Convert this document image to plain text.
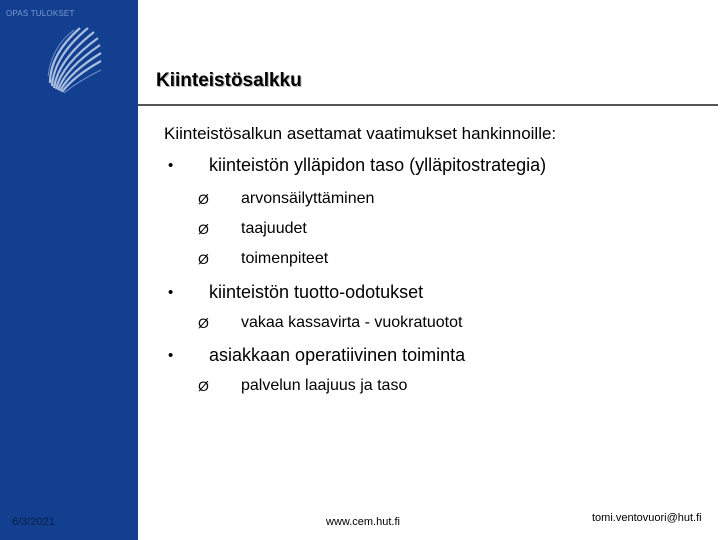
OPAS TULOKSET
6/3/2021
Kiinteistösalkku
Kiinteistösalkun asettamat vaatimukset hankinnoille:
• kiinteistön ylläpidon taso (ylläpitostrategia)
Ø arvonsäilyttäminen
Ø taajuudet
Ø toimenpiteet
• kiinteistön tuotto-odotukset
Ø vakaa kassavirta - vuokratuotot
• asiakkaan operatiivinen toiminta
Ø palvelun laajuus ja taso
www.cem.hut.fi	tomi.ventovuori@hut.fi
